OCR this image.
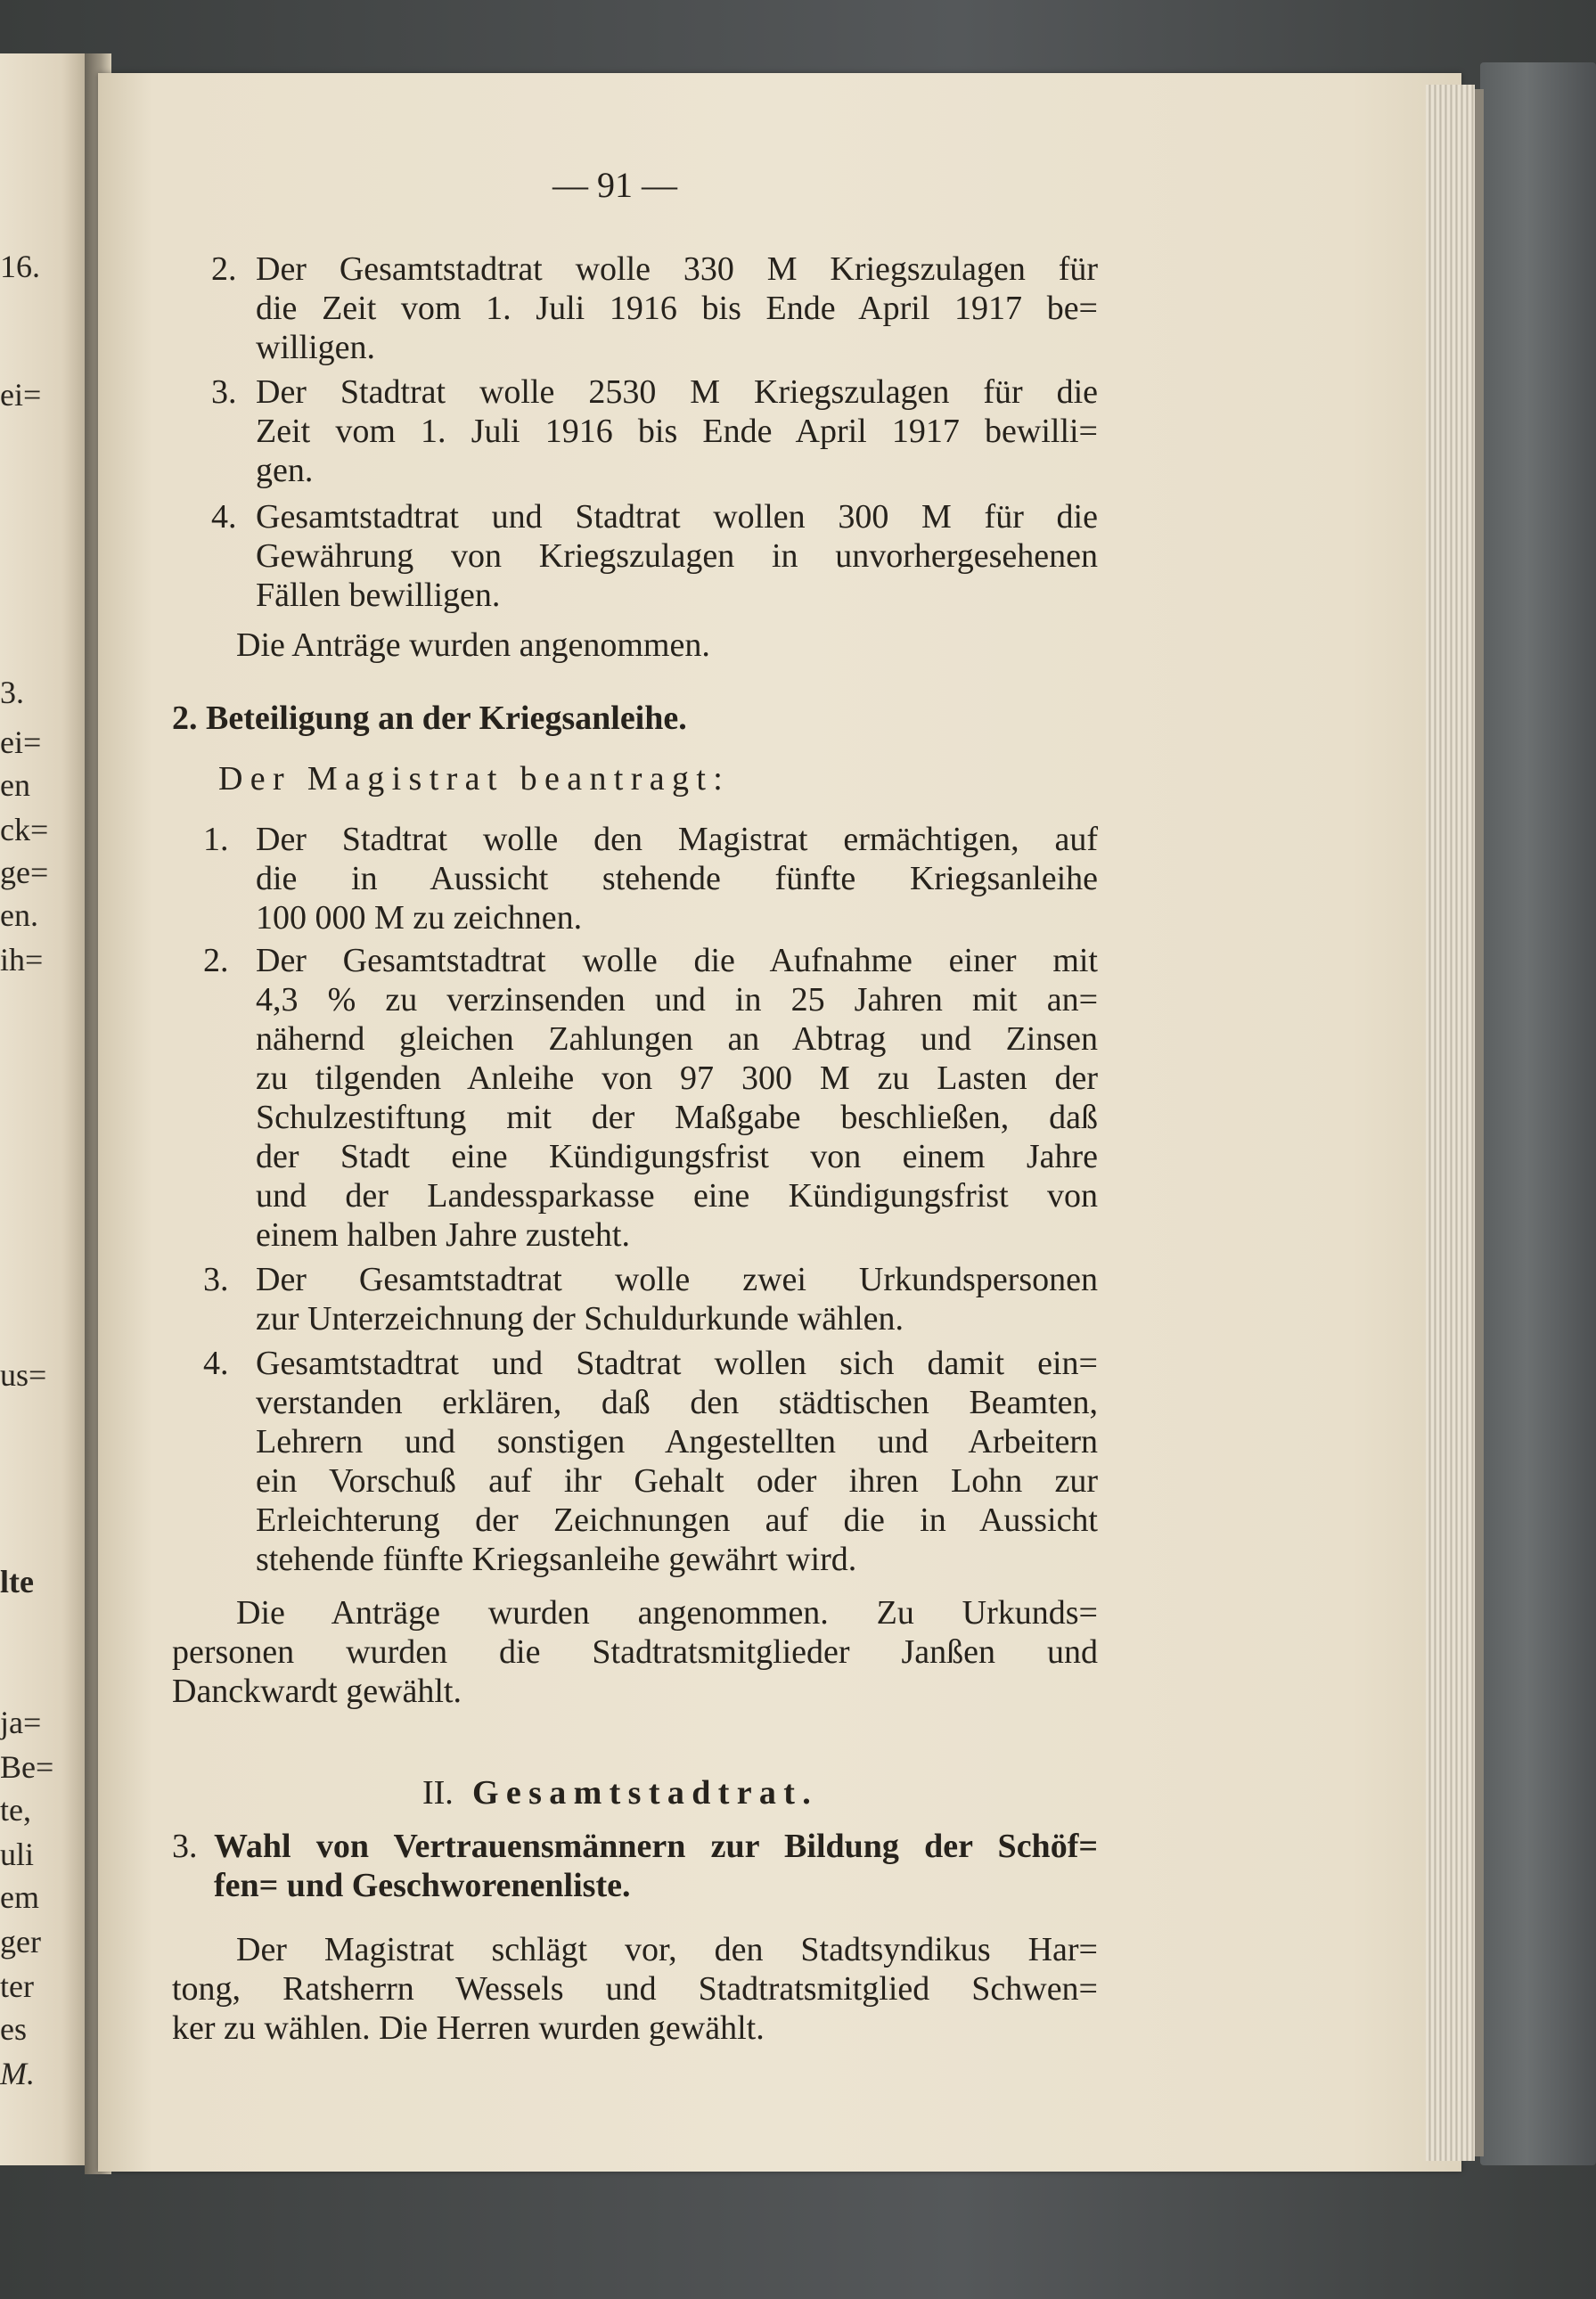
16.
ei=
3.
ei=
en
ck=
ge=
en.
ih=
us=
lte
ja=
Be=
te,
uli
em
ger
ter
es
M.
— 91 —
2. Der Gesamtstadtrat wolle 330 M Kriegszulagen für
die Zeit vom 1. Juli 1916 bis Ende April 1917 be=
willigen.
3. Der Stadtrat wolle 2530 M Kriegszulagen für die
Zeit vom 1. Juli 1916 bis Ende April 1917 bewilli=
gen.
4. Gesamtstadtrat und Stadtrat wollen 300 M für die
Gewährung von Kriegszulagen in unvorhergesehenen
Fällen bewilligen.
Die Anträge wurden angenommen.
2. Beteiligung an der Kriegsanleihe.
Der Magistrat beantragt:
1. Der Stadtrat wolle den Magistrat ermächtigen, auf
die in Aussicht stehende fünfte Kriegsanleihe
100 000 M zu zeichnen.
2. Der Gesamtstadtrat wolle die Aufnahme einer mit
4,3 % zu verzinsenden und in 25 Jahren mit an=
nähernd gleichen Zahlungen an Abtrag und Zinsen
zu tilgenden Anleihe von 97 300 M zu Lasten der
Schulzestiftung mit der Maßgabe beschließen, daß
der Stadt eine Kündigungsfrist von einem Jahre
und der Landessparkasse eine Kündigungsfrist von
einem halben Jahre zusteht.
3. Der Gesamtstadtrat wolle zwei Urkundspersonen
zur Unterzeichnung der Schuldurkunde wählen.
4. Gesamtstadtrat und Stadtrat wollen sich damit ein=
verstanden erklären, daß den städtischen Beamten,
Lehrern und sonstigen Angestellten und Arbeitern
ein Vorschuß auf ihr Gehalt oder ihren Lohn zur
Erleichterung der Zeichnungen auf die in Aussicht
stehende fünfte Kriegsanleihe gewährt wird.
Die Anträge wurden angenommen. Zu Urkunds=
personen wurden die Stadtratsmitglieder Janßen und
Danckwardt gewählt.
II. Gesamtstadtrat.
3. Wahl von Vertrauensmännern zur Bildung der Schöf=
fen= und Geschworenenliste.
Der Magistrat schlägt vor, den Stadtsyndikus Har=
tong, Ratsherrn Wessels und Stadtratsmitglied Schwen=
ker zu wählen. Die Herren wurden gewählt.
